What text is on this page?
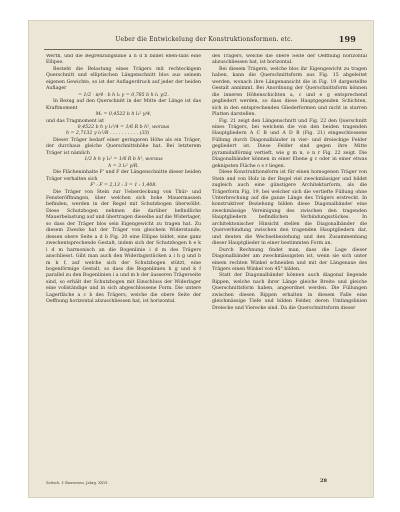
Ueber die Entwickelung der Konstruktionsformen. etc.	199

Werth, und die Begrenzungslinie a n d b bildet eben-falls eine Ellipse.

Besteht die Belastung eines Trägers mit rechteckigem Querschnitt und elliptischen Längenschnitt blos aus seinem eigenen Gewichte, so ist der Auflagerdruck auf jeder der beiden Auflager

= 1/2 · π/4 · b h l₁ γ = 0,785 b h l₁ γ/2.

In Bezug auf den Querschnitt in der Mitte der Länge ist das Kraftmoment

Mₓ = 0,4522 b h l₁² γ/4,

und das Tragmoment ist

0,4522 b h γ l₁²/4 = 1/6 R b h², woraus

h = 2,7132 γ l₁²/R . . . . . . . . . . (33)

Dieser Träger bedarf einer geringeren Höhe als ein Träger, der durchaus gleiche Querschnittshöhe hat. Bei letzterem Träger ist nämlich

1/2 b h γ l₁² = 1/6 R b h², woraus

h = 3 l₁² γ/R.

Die Flächeninhalte F' und F der Längenschnitte dieser beiden Träger verhalten sich

F' : F = 2,13 : 3 = 1 : 1,408.

Die Träger von Stein zur Ueberdeckung von Thür- und Fensteröffnungen, über welchen sich hohe Mauermassen befinden, werden in der Regel mit Schutzbogen überwölbt. Diese Schutzbogen nehmen die darüber befindliche Mauerbelastung auf und übertragen dieselbe auf die Widerlager, so dass der Träger blos sein Eigengewicht zu tragen hat. Zu diesem Zwecke hat der Träger von gleichem Widerstande, dessen obere Seite a d b Fig. 20 eine Ellipse bildet, eine ganz zweckentsprechende Gestalt, indem sich der Schutzbogen h e k i d m harmonisch an die Bogenlinie i d m des Trägers anschliesst. Gibt man auch den Widerlagsstücken a i h g und b m k f, auf welche sich der Schutzbogen stützt, eine bogenförmige Gestalt, so dass die Bogenlinien h g und k f parallel zu den Bogenlinien i a und m b der äusseren Trägerseite sind, so erhält der Schutzbogen mit Einschluss der Widerlager eine vollständige und in sich abgeschlossene Form. Die untere Lagerfläche a c b des Trägers, welche die obere Seite der Oeffnung horizontal abzuschliessen hat, ist horizontal.

des Trägers, welche die obere Seite der Oeffnung horizontal abzuschliessen hat, ist horizontal.

Bei diesem Trägern, welche blos ihr Eigengewicht zu tragen haben, kann die Querschnittsform aus Fig. 15 abgeleitet werden, wonach ihre Längenansicht die in Fig. 19 dargestellte Gestalt annimmt. Bei Anordnung der Querschnittsform können die inneren Höhenschichten a, c und e g entsprechend gegliedert werden, so dass diese Hauptgegenden Schichten, sich in den entsprechenden Gliederformen und nicht in starren Platten darstellen.

Fig. 21 zeigt den Längenschnitt und Fig. 22 den Querschnitt eines Trägers, bei welchem die von den beiden tragenden Hauptgliedern A C B und A D B (Fig. 21) eingeschlossene Füllung durch Diagonalbänder in vier- und dreieckige Felder gegliedert ist. Diese Felder sind gegen ihre Mitte pyramidalförmig vertieft, wie g m n, o n r Fig. 22 zeigt. Die Diagonalbänder können in einer Ebene g c oder in einer etwas geknipsten Fläche o s r liegen.

Diese Konstruktionsform ist für einen homogenen Träger von Stein und von Holz in der Regel viel zweckmässiger und bildet zugleich auch eine günstigere Architekturform, als die Trägerform Fig. 19, bei welcher sich die vertiefte Füllung ohne Unterbrechung auf die ganze Länge des Trägers erstreckt. In konstruktiver Beziehung bilden diese Diagonalbänder eine zweckmässige Vereinigung des zwischen den tragenden Hauptgliedern befindlichen Verbindungsstückes. In architektonischer Hinsicht stellen die Diagonalbänder die Querverbindung zwischen den tragenden Hauptgliedern dar, und deuten die Wechselbeziehung und den Zusammenhang dieser Hauptglieder in einer bestimmten Form an.

Durch Rechnung findet man, dass die Lage dieser Diagonalbänder am zweckmässigsten ist, wenn sie sich unter einem rechten Winkel schneiden und mit der Längenaxe des Trägers einen Winkel von 45° bilden.

Statt der Diagonalbänder können auch diagonal liegende Rippen, welche nach ihrer Länge gleiche Breite und gleiche Querschnittsform haben, angeordnet werden. Die Füllungen zwischen diesen Rippen erhalten in diesem Falle eine gleichmässige Tiefe und bilden Felder, deren Umfangslinien Dreiecke und Vierecke sind. Da die Querschnittsform dieser

Zeitsch. f. Bauwesen. Jahrg. XXVI.	28
